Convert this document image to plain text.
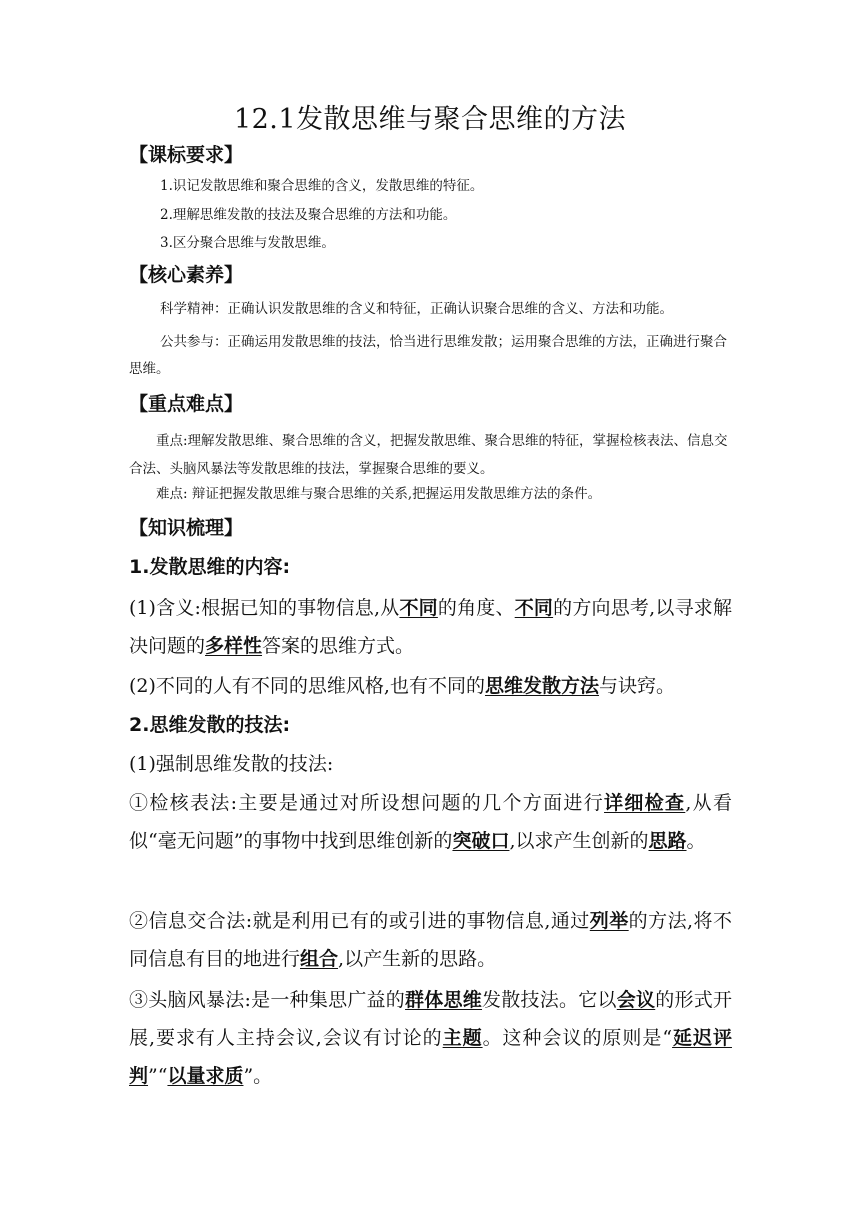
12.1发散思维与聚合思维的方法
【课标要求】
1.识记发散思维和聚合思维的含义，发散思维的特征。
2.理解思维发散的技法及聚合思维的方法和功能。
3.区分聚合思维与发散思维。
【核心素养】
科学精神：正确认识发散思维的含义和特征，正确认识聚合思维的含义、方法和功能。
公共参与：正确运用发散思维的技法，恰当进行思维发散；运用聚合思维的方法，正确进行聚合思维。
【重点难点】
重点:理解发散思维、聚合思维的含义，把握发散思维、聚合思维的特征，掌握检核表法、信息交合法、头脑风暴法等发散思维的技法，掌握聚合思维的要义。
难点: 辩证把握发散思维与聚合思维的关系,把握运用发散思维方法的条件。
【知识梳理】
1.发散思维的内容:
(1)含义:根据已知的事物信息,从不同的角度、不同的方向思考,以寻求解决问题的多样性答案的思维方式。
(2)不同的人有不同的思维风格,也有不同的思维发散方法与诀窍。
2.思维发散的技法:
(1)强制思维发散的技法:
①检核表法:主要是通过对所设想问题的几个方面进行详细检查,从看似“毫无问题”的事物中找到思维创新的突破口,以求产生创新的思路。
②信息交合法:就是利用已有的或引进的事物信息,通过列举的方法,将不同信息有目的地进行组合,以产生新的思路。
③头脑风暴法:是一种集思广益的群体思维发散技法。它以会议的形式开展,要求有人主持会议,会议有讨论的主题。这种会议的原则是“延迟评判”“以量求质”。
